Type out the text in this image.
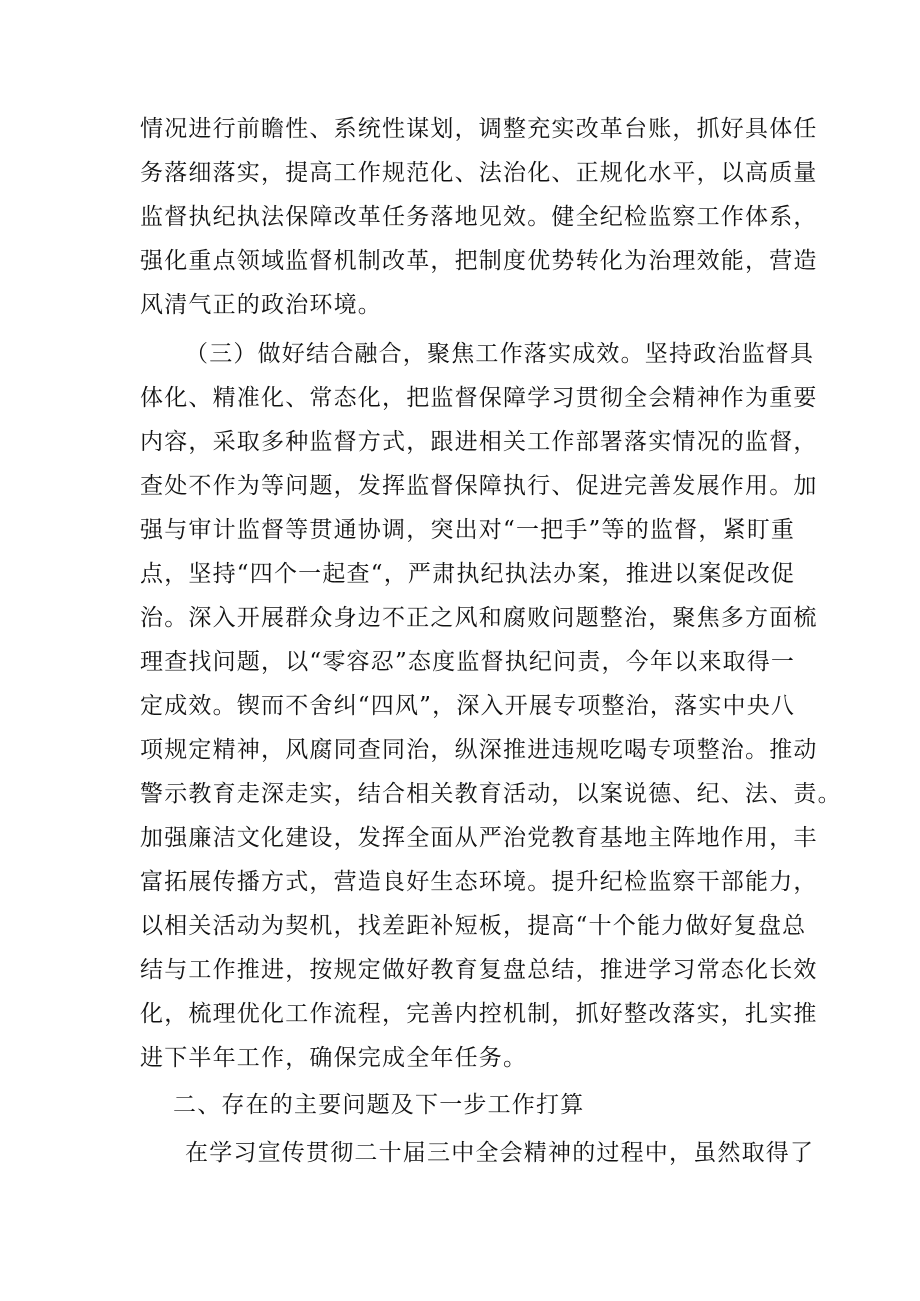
情况进行前瞻性、系统性谋划，调整充实改革台账，抓好具体任
务落细落实，提高工作规范化、法治化、正规化水平，以高质量
监督执纪执法保障改革任务落地见效。健全纪检监察工作体系，
强化重点领域监督机制改革，把制度优势转化为治理效能，营造
风清气正的政治环境。
（三）做好结合融合，聚焦工作落实成效。坚持政治监督具
体化、精准化、常态化，把监督保障学习贯彻全会精神作为重要
内容，采取多种监督方式，跟进相关工作部署落实情况的监督，
查处不作为等问题，发挥监督保障执行、促进完善发展作用。加
强与审计监督等贯通协调，突出对“一把手”等的监督，紧盯重
点，坚持“四个一起查“，严肃执纪执法办案，推进以案促改促
治。深入开展群众身边不正之风和腐败问题整治，聚焦多方面梳
理查找问题，以“零容忍”态度监督执纪问责，今年以来取得一
定成效。锲而不舍纠“四风”，深入开展专项整治，落实中央八
项规定精神，风腐同查同治，纵深推进违规吃喝专项整治。推动
警示教育走深走实，结合相关教育活动，以案说德、纪、法、责。
加强廉洁文化建设，发挥全面从严治党教育基地主阵地作用，丰
富拓展传播方式，营造良好生态环境。提升纪检监察干部能力，
以相关活动为契机，找差距补短板，提高“十个能力做好复盘总
结与工作推进，按规定做好教育复盘总结，推进学习常态化长效
化，梳理优化工作流程，完善内控机制，抓好整改落实，扎实推
进下半年工作，确保完成全年任务。
二、存在的主要问题及下一步工作打算
在学习宣传贯彻二十届三中全会精神的过程中，虽然取得了
